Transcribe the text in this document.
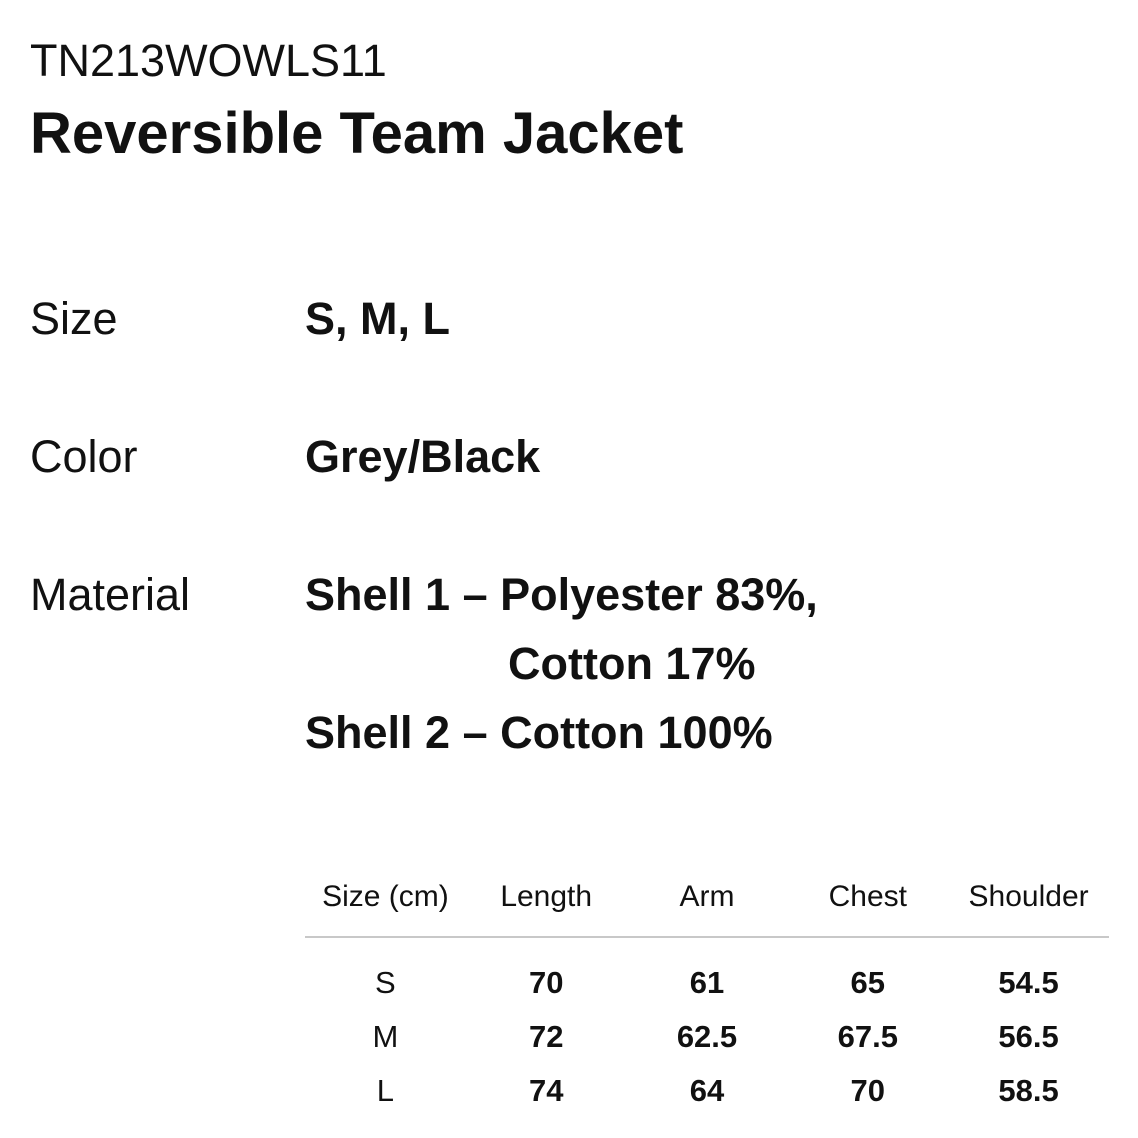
TN213WOWLS11
Reversible Team Jacket
Size	S, M, L
Color	Grey/Black
Material	Shell 1 – Polyester 83%,
Cotton 17%
Shell 2 – Cotton 100%
Size (cm)	Length	Arm	Chest	Shoulder
S	70	61	65	54.5
M	72	62.5	67.5	56.5
L	74	64	70	58.5
